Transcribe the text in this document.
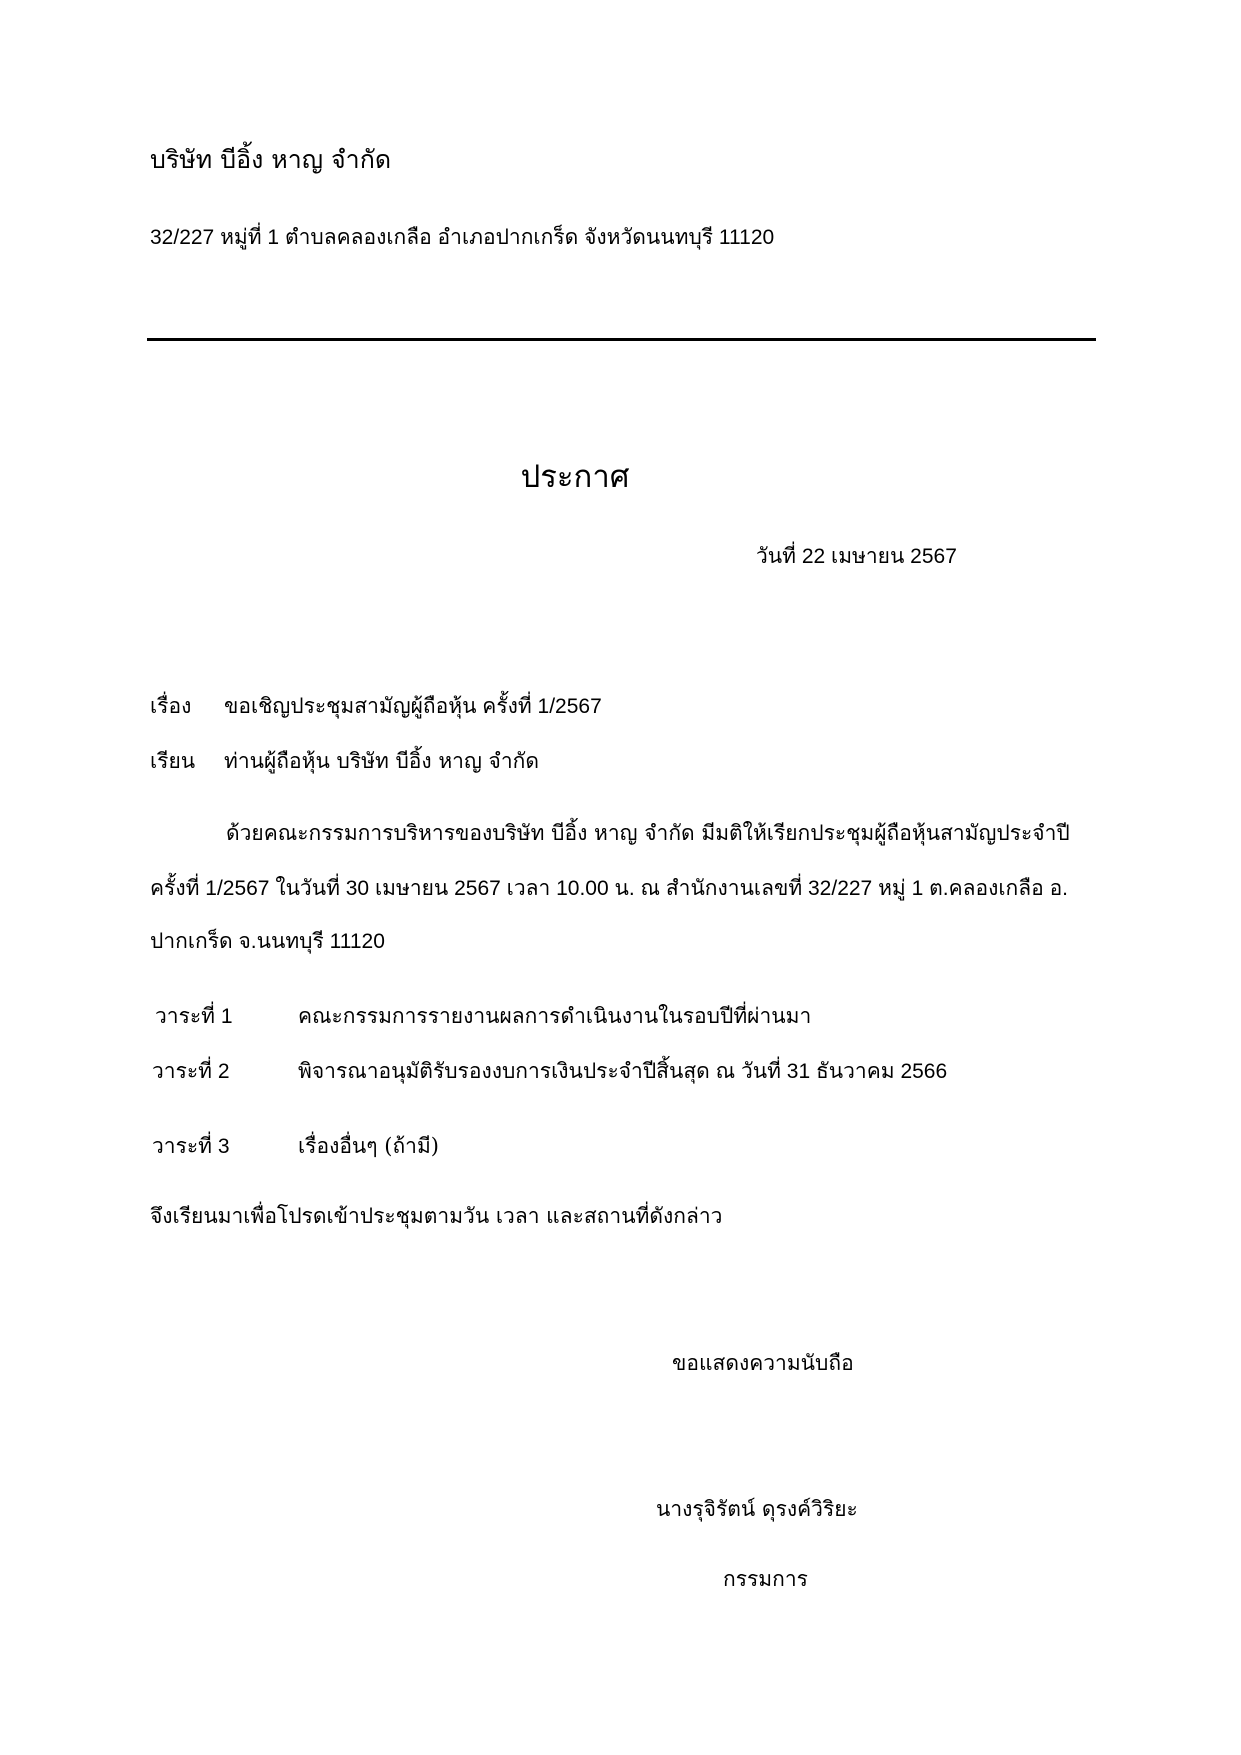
บริษัท บีอิ้ง หาญ จำกัด
32/227 หมู่ที่ 1 ตำบลคลองเกลือ อำเภอปากเกร็ด จังหวัดนนทบุรี 11120
ประกาศ
วันที่ 22 เมษายน 2567
เรื่อง ขอเชิญประชุมสามัญผู้ถือหุ้น ครั้งที่ 1/2567
เรียน ท่านผู้ถือหุ้น บริษัท บีอิ้ง หาญ จำกัด
ด้วยคณะกรรมการบริหารของบริษัท บีอิ้ง หาญ จำกัด มีมติให้เรียกประชุมผู้ถือหุ้นสามัญประจำปี
ครั้งที่ 1/2567 ในวันที่ 30 เมษายน 2567 เวลา 10.00 น. ณ สำนักงานเลขที่ 32/227 หมู่ 1 ต.คลองเกลือ อ.
ปากเกร็ด จ.นนทบุรี 11120
วาระที่ 1	คณะกรรมการรายงานผลการดำเนินงานในรอบปีที่ผ่านมา
วาระที่ 2	พิจารณาอนุมัติรับรองงบการเงินประจำปีสิ้นสุด ณ วันที่ 31 ธันวาคม 2566
วาระที่ 3	เรื่องอื่นๆ (ถ้ามี)
จึงเรียนมาเพื่อโปรดเข้าประชุมตามวัน เวลา และสถานที่ดังกล่าว
ขอแสดงความนับถือ
นางรุจิรัตน์ ดุรงค์วิริยะ
กรรมการ
